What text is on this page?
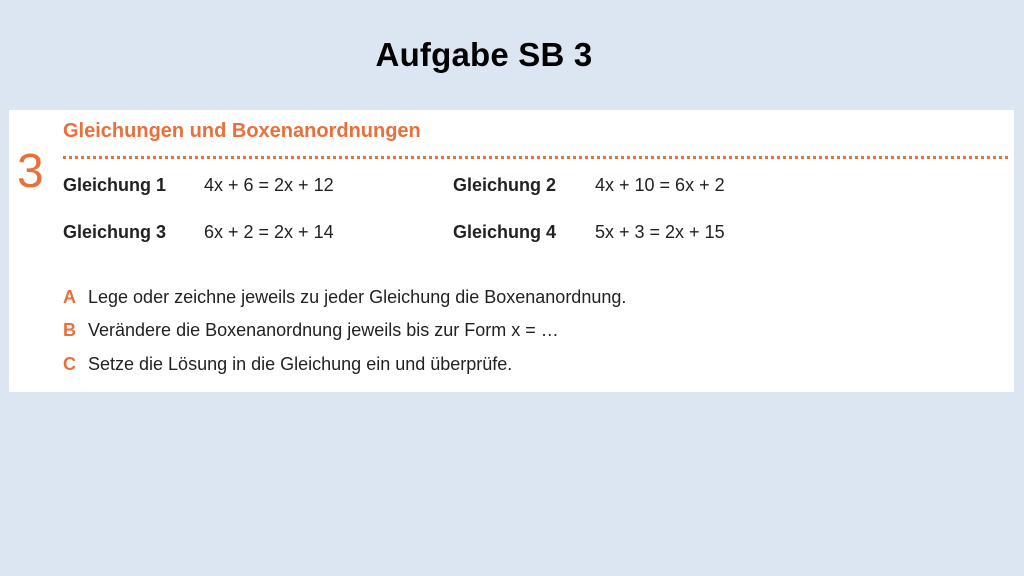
Aufgabe SB 3
3
Gleichungen und Boxenanordnungen
Gleichung 1 4x + 6 = 2x + 12	Gleichung 2 4x + 10 = 6x + 2
Gleichung 3 6x + 2 = 2x + 14	Gleichung 4 5x + 3 = 2x + 15
A Lege oder zeichne jeweils zu jeder Gleichung die Boxenanordnung.
B Verändere die Boxenanordnung jeweils bis zur Form x = …
C Setze die Lösung in die Gleichung ein und überprüfe.
